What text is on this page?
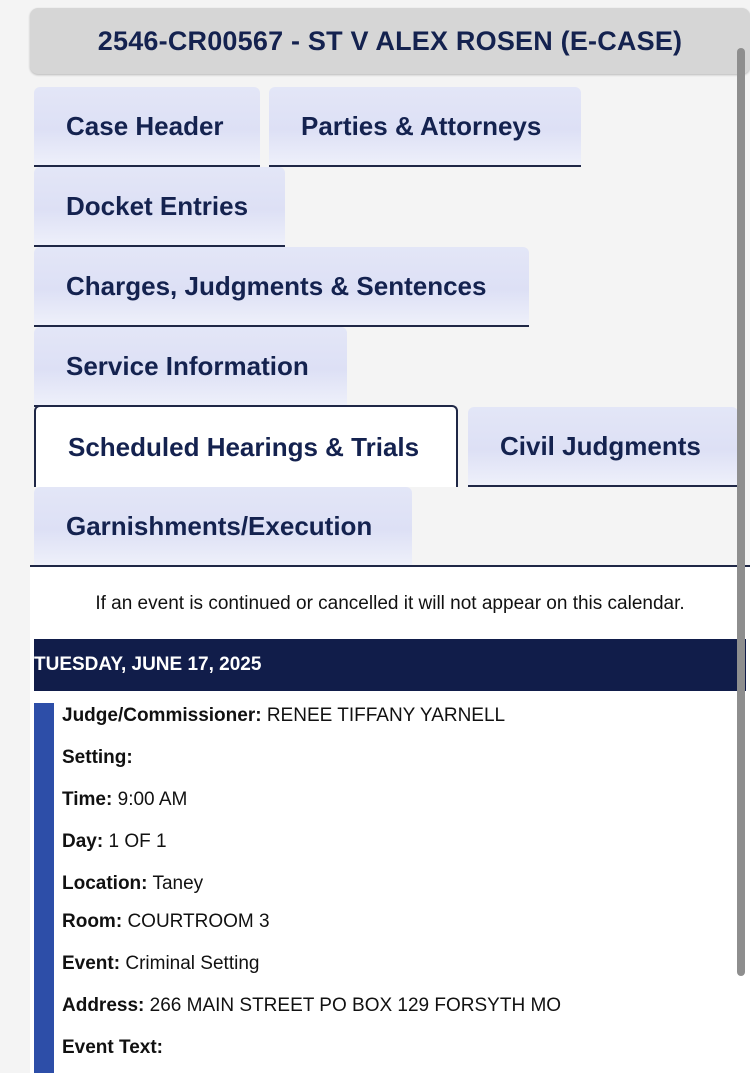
2546-CR00567 - ST V ALEX ROSEN (E-CASE)
Case Header	Parties & Attorneys
Docket Entries
Charges, Judgments & Sentences
Service Information
Scheduled Hearings & Trials	Civil Judgments
Garnishments/Execution
If an event is continued or cancelled it will not appear on this calendar.
TUESDAY, JUNE 17, 2025
Judge/Commissioner: RENEE TIFFANY YARNELL
Setting:
Time: 9:00 AM
Day: 1 OF 1
Location: Taney
Room: COURTROOM 3
Event: Criminal Setting
Address: 266 MAIN STREET PO BOX 129 FORSYTH MO
Event Text:
